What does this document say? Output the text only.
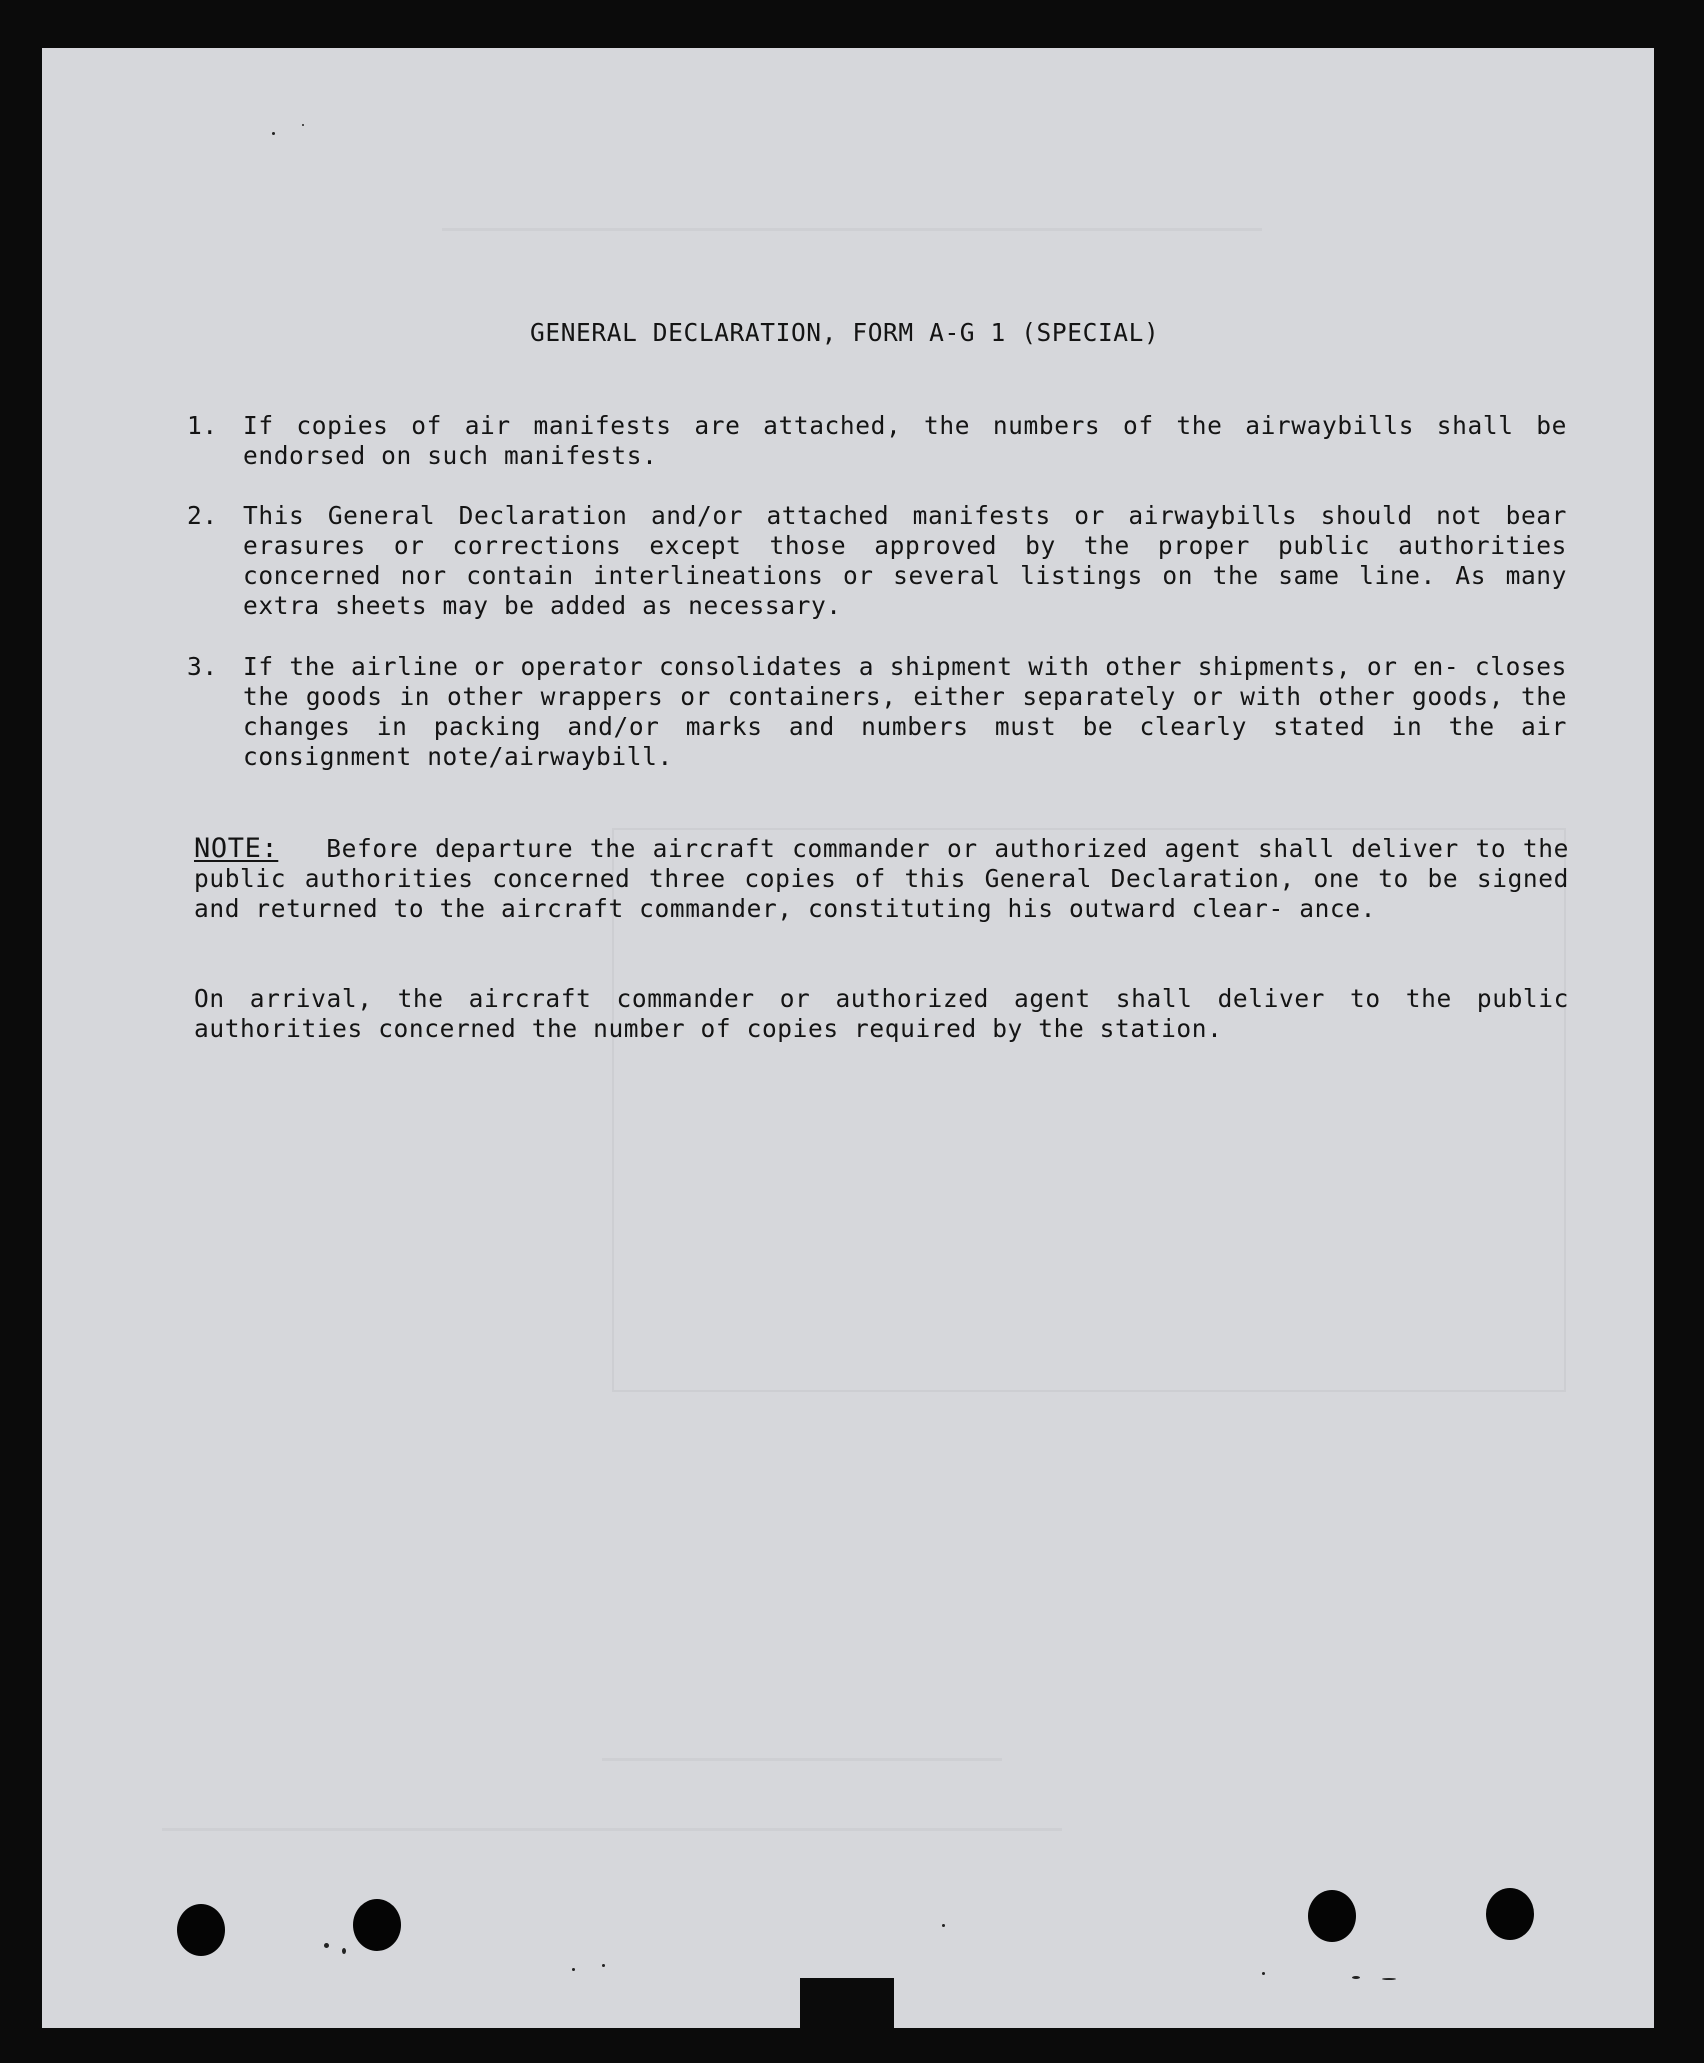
GENERAL DECLARATION, FORM A-G 1 (SPECIAL)
1.	If copies of air manifests are attached, the numbers of the airwaybills shall be endorsed on such manifests.
2.	This General Declaration and/or attached manifests or airwaybills should not bear erasures or corrections except those approved by the proper public authorities concerned nor contain interlineations or several listings on the same line. As many extra sheets may be added as necessary.
3.	If the airline or operator consolidates a shipment with other shipments, or en- closes the goods in other wrappers or containers, either separately or with other goods, the changes in packing and/or marks and numbers must be clearly stated in the air consignment note/airwaybill.
NOTE: Before departure the aircraft commander or authorized agent shall deliver to the public authorities concerned three copies of this General Declaration, one to be signed and returned to the aircraft commander, constituting his outward clear- ance.
On arrival, the aircraft commander or authorized agent shall deliver to the public authorities concerned the number of copies required by the station.
